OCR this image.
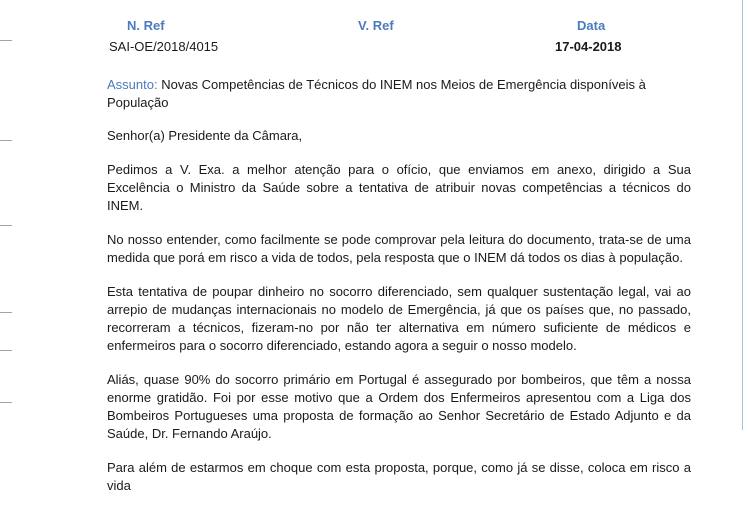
N. Ref
SAI-OE/2018/4015
V. Ref	Data
17-04-2018

Assunto: Novas Competências de Técnicos do INEM nos Meios de Emergência disponíveis à População

Senhor(a) Presidente da Câmara,

Pedimos a V. Exa. a melhor atenção para o ofício, que enviamos em anexo, dirigido a Sua Excelência o Ministro da Saúde sobre a tentativa de atribuir novas competências a técnicos do INEM.

No nosso entender, como facilmente se pode comprovar pela leitura do documento, trata-se de uma medida que porá em risco a vida de todos, pela resposta que o INEM dá todos os dias à população.

Esta tentativa de poupar dinheiro no socorro diferenciado, sem qualquer sustentação legal, vai ao arrepio de mudanças internacionais no modelo de Emergência, já que os países que, no passado, recorreram a técnicos, fizeram-no por não ter alternativa em número suficiente de médicos e enfermeiros para o socorro diferenciado, estando agora a seguir o nosso modelo.

Aliás, quase 90% do socorro primário em Portugal é assegurado por bombeiros, que têm a nossa enorme gratidão. Foi por esse motivo que a Ordem dos Enfermeiros apresentou com a Liga dos Bombeiros Portugueses uma proposta de formação ao Senhor Secretário de Estado Adjunto e da Saúde, Dr. Fernando Araújo.

Para além de estarmos em choque com esta proposta, porque, como já se disse, coloca em risco a vida
